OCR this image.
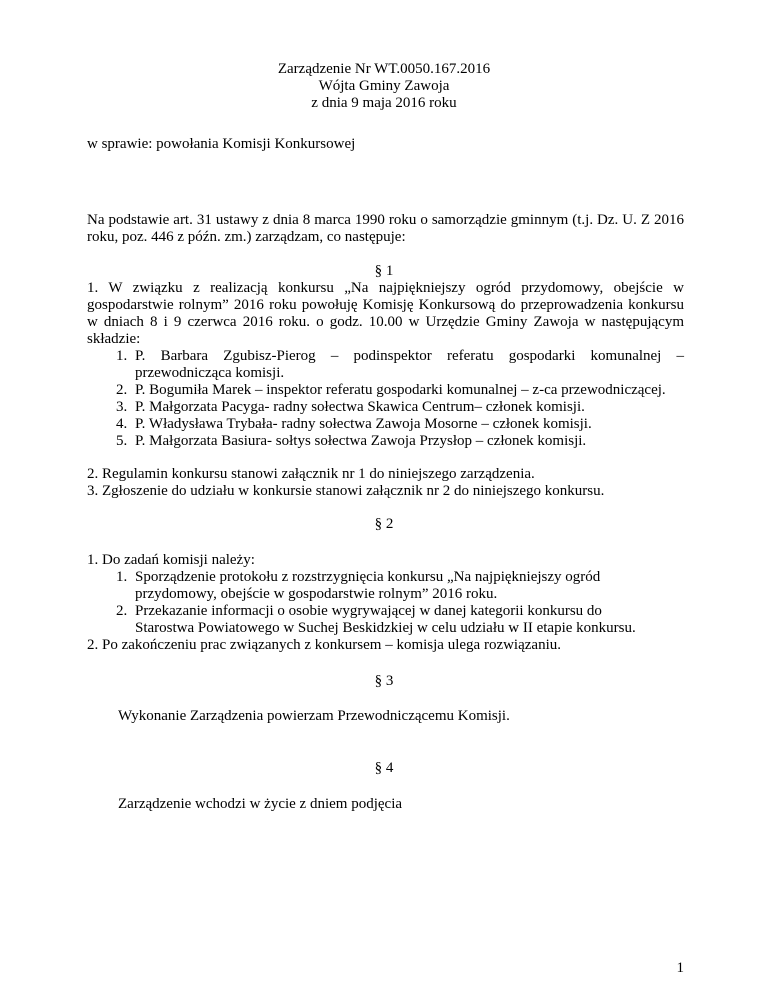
Zarządzenie Nr WT.0050.167.2016
Wójta Gminy Zawoja
z dnia 9 maja 2016 roku
w sprawie: powołania Komisji Konkursowej
Na podstawie art. 31 ustawy z dnia 8 marca 1990 roku o samorządzie gminnym (t.j. Dz. U. Z 2016 roku, poz. 446 z późn. zm.) zarządzam, co następuje:
§ 1
1. W związku z realizacją konkursu „Na najpiękniejszy ogród przydomowy, obejście w gospodarstwie rolnym” 2016 roku powołuję Komisję Konkursową do przeprowadzenia konkursu w dniach 8 i 9 czerwca 2016 roku. o godz. 10.00 w Urzędzie Gminy Zawoja w następującym składzie:
1. P. Barbara Zgubisz-Pierog – podinspektor referatu gospodarki komunalnej – przewodnicząca komisji.
2. P. Bogumiła Marek – inspektor referatu gospodarki komunalnej – z-ca przewodniczącej.
3. P. Małgorzata Pacyga- radny sołectwa Skawica Centrum– członek komisji.
4. P. Władysława Trybała- radny sołectwa Zawoja Mosorne – członek komisji.
5. P. Małgorzata Basiura- sołtys sołectwa Zawoja Przysłop – członek komisji.
2. Regulamin konkursu stanowi załącznik nr 1 do niniejszego zarządzenia.
3. Zgłoszenie do udziału w konkursie stanowi załącznik nr 2 do niniejszego konkursu.
§ 2
1. Do zadań komisji należy:
1. Sporządzenie protokołu z rozstrzygnięcia konkursu „Na najpiękniejszy ogród
przydomowy, obejście w gospodarstwie rolnym” 2016 roku.
2. Przekazanie informacji o osobie wygrywającej w danej kategorii konkursu do
Starostwa Powiatowego w Suchej Beskidzkiej w celu udziału w II etapie konkursu.
2. Po zakończeniu prac związanych z konkursem – komisja ulega rozwiązaniu.
§ 3
Wykonanie Zarządzenia powierzam Przewodniczącemu Komisji.
§ 4
Zarządzenie wchodzi w życie z dniem podjęcia
1
